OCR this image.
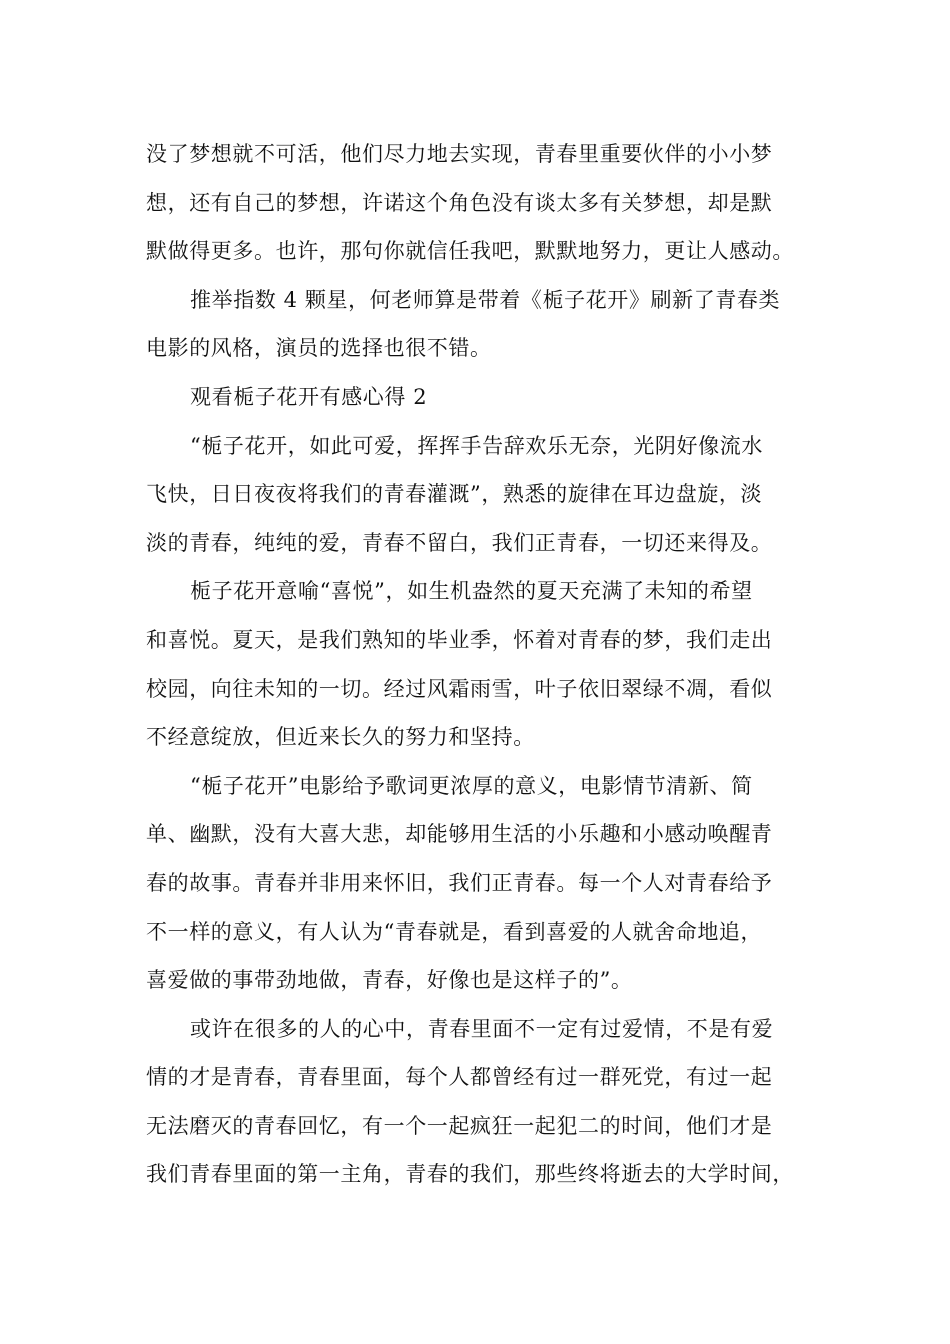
没了梦想就不可活，他们尽力地去实现，青春里重要伙伴的小小梦
想，还有自己的梦想，许诺这个角色没有谈太多有关梦想，却是默
默做得更多。也许，那句你就信任我吧，默默地努力，更让人感动。

推举指数 4 颗星，何老师算是带着《栀子花开》刷新了青春类
电影的风格，演员的选择也很不错。

观看栀子花开有感心得 2

“栀子花开，如此可爱，挥挥手告辞欢乐无奈，光阴好像流水
飞快，日日夜夜将我们的青春灌溉”，熟悉的旋律在耳边盘旋，淡
淡的青春，纯纯的爱，青春不留白，我们正青春，一切还来得及。

栀子花开意喻“喜悦”，如生机盎然的夏天充满了未知的希望
和喜悦。夏天，是我们熟知的毕业季，怀着对青春的梦，我们走出
校园，向往未知的一切。经过风霜雨雪，叶子依旧翠绿不凋，看似
不经意绽放，但近来长久的努力和坚持。

“栀子花开”电影给予歌词更浓厚的意义，电影情节清新、简
单、幽默，没有大喜大悲，却能够用生活的小乐趣和小感动唤醒青
春的故事。青春并非用来怀旧，我们正青春。每一个人对青春给予
不一样的意义，有人认为“青春就是，看到喜爱的人就舍命地追，
喜爱做的事带劲地做，青春，好像也是这样子的”。

或许在很多的人的心中，青春里面不一定有过爱情，不是有爱
情的才是青春，青春里面，每个人都曾经有过一群死党，有过一起
无法磨灭的青春回忆，有一个一起疯狂一起犯二的时间，他们才是
我们青春里面的第一主角，青春的我们，那些终将逝去的大学时间，
